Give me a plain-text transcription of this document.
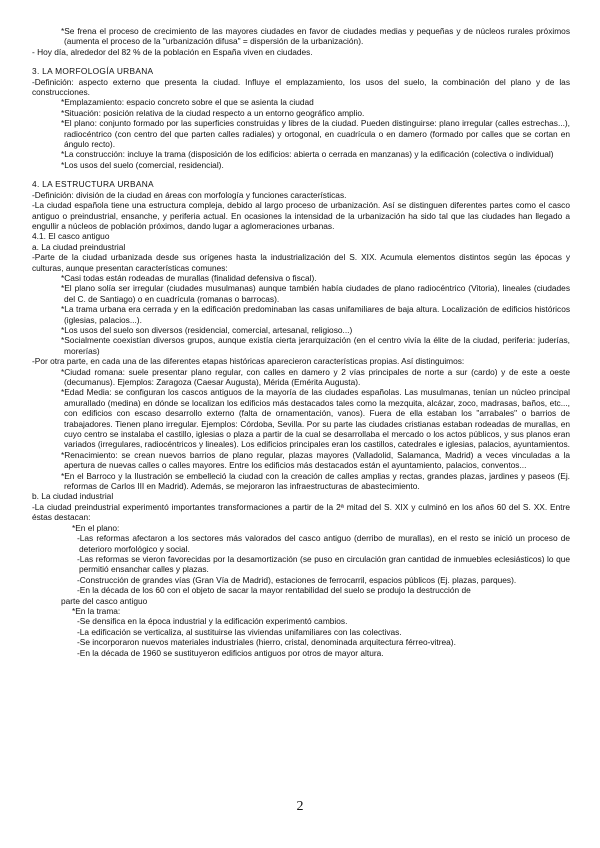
*Se frena el proceso de crecimiento de las mayores ciudades en favor de ciudades medias y pequeñas y de núcleos rurales próximos (aumenta el proceso de la "urbanización difusa" = dispersión de la urbanización).

- Hoy día, alrededor del 82 % de la población en España viven en ciudades.

3. LA MORFOLOGÍA URBANA

-Definición: aspecto externo que presenta la ciudad. Influye el emplazamiento, los usos del suelo, la combinación del plano y de las construcciones.

*Emplazamiento: espacio concreto sobre el que se asienta la ciudad

*Situación: posición relativa de la ciudad respecto a un entorno geográfico amplio.

*El plano: conjunto formado por las superficies construidas y libres de la ciudad. Pueden distinguirse: plano irregular (calles estrechas...), radiocéntrico (con centro del que parten calles radiales) y ortogonal, en cuadrícula o en damero (formado por calles que se cortan en ángulo recto).

*La construcción: incluye la trama (disposición de los edificios: abierta o cerrada en manzanas) y la edificación (colectiva o individual)

*Los usos del suelo (comercial, residencial).

4. LA ESTRUCTURA URBANA

-Definición: división de la ciudad en áreas con morfología y funciones características.

-La ciudad española tiene una estructura compleja, debido al largo proceso de urbanización. Así se distinguen diferentes partes como el casco antiguo o preindustrial, ensanche, y periferia actual. En ocasiones la intensidad de la urbanización ha sido tal que las ciudades han llegado a engullir a núcleos de población próximos, dando lugar a aglomeraciones urbanas.

4.1. El casco antiguo

a. La ciudad preindustrial

-Parte de la ciudad urbanizada desde sus orígenes hasta la industrialización del S. XIX. Acumula elementos distintos según las épocas y culturas, aunque presentan características comunes:

*Casi todas están rodeadas de murallas (finalidad defensiva o fiscal).

*El plano solía ser irregular (ciudades musulmanas) aunque también había ciudades de plano radiocéntrico (Vitoria), lineales (ciudades del C. de Santiago) o en cuadrícula (romanas o barrocas).

*La trama urbana era cerrada y en la edificación predominaban las casas unifamiliares de baja altura. Localización de edificios históricos (iglesias, palacios...).

*Los usos del suelo son diversos (residencial, comercial, artesanal, religioso...)

*Socialmente coexistían diversos grupos, aunque existía cierta jerarquización (en el centro vivía la élite de la ciudad, periferia: juderías, morerías)

-Por otra parte, en cada una de las diferentes etapas históricas aparecieron características propias. Así distinguimos:

*Ciudad romana: suele presentar plano regular, con calles en damero y 2 vías principales de norte a sur (cardo) y de este a oeste (decumanus). Ejemplos: Zaragoza (Caesar Augusta), Mérida (Emérita Augusta).

*Edad Media: se configuran los cascos antiguos de la mayoría de las ciudades españolas. Las musulmanas, tenían un núcleo principal amurallado (medina) en dónde se localizan los edificios más destacados tales como la mezquita, alcázar, zoco, madrasas, baños, etc..., con edificios con escaso desarrollo externo (falta de ornamentación, vanos). Fuera de ella estaban los "arrabales" o barrios de trabajadores. Tienen plano irregular. Ejemplos: Córdoba, Sevilla. Por su parte las ciudades cristianas estaban rodeadas de murallas, en cuyo centro se instalaba el castillo, iglesias o plaza a partir de la cual se desarrollaba el mercado o los actos públicos, y sus planos eran variados (irregulares, radiocéntricos y lineales). Los edificios principales eran los castillos, catedrales e iglesias, palacios, ayuntamientos.

*Renacimiento: se crean nuevos barrios de plano regular, plazas mayores (Valladolid, Salamanca, Madrid) a veces vinculadas a la apertura de nuevas calles o calles mayores. Entre los edificios más destacados están el ayuntamiento, palacios, conventos...

*En el Barroco y la Ilustración se embelleció la ciudad con la creación de calles amplias y rectas, grandes plazas, jardines y paseos (Ej. reformas de Carlos III en Madrid). Además, se mejoraron las infraestructuras de abastecimiento.

b. La ciudad industrial

-La ciudad preindustrial experimentó importantes transformaciones a partir de la 2ª mitad del S. XIX y culminó en los años 60 del S. XX. Entre éstas destacan:

*En el plano:

-Las reformas afectaron a los sectores más valorados del casco antiguo (derribo de murallas), en el resto se inició un proceso de deterioro morfológico y social.

-Las reformas se vieron favorecidas por la desamortización (se puso en circulación gran cantidad de inmuebles eclesiásticos) lo que permitió ensanchar calles y plazas.

-Construcción de grandes vías (Gran Vía de Madrid), estaciones de ferrocarril, espacios públicos (Ej. plazas, parques).

-En la década de los 60 con el objeto de sacar la mayor rentabilidad del suelo se produjo la destrucción de

parte del casco antiguo

*En la trama:

-Se densifica en la época industrial y la edificación experimentó cambios.

-La edificación se verticaliza, al sustituirse las viviendas unifamiliares con las colectivas.

-Se incorporaron nuevos materiales industriales (hierro, cristal, denominada arquitectura férreo-vitrea).

-En la década de 1960 se sustituyeron edificios antiguos por otros de mayor altura.

2
